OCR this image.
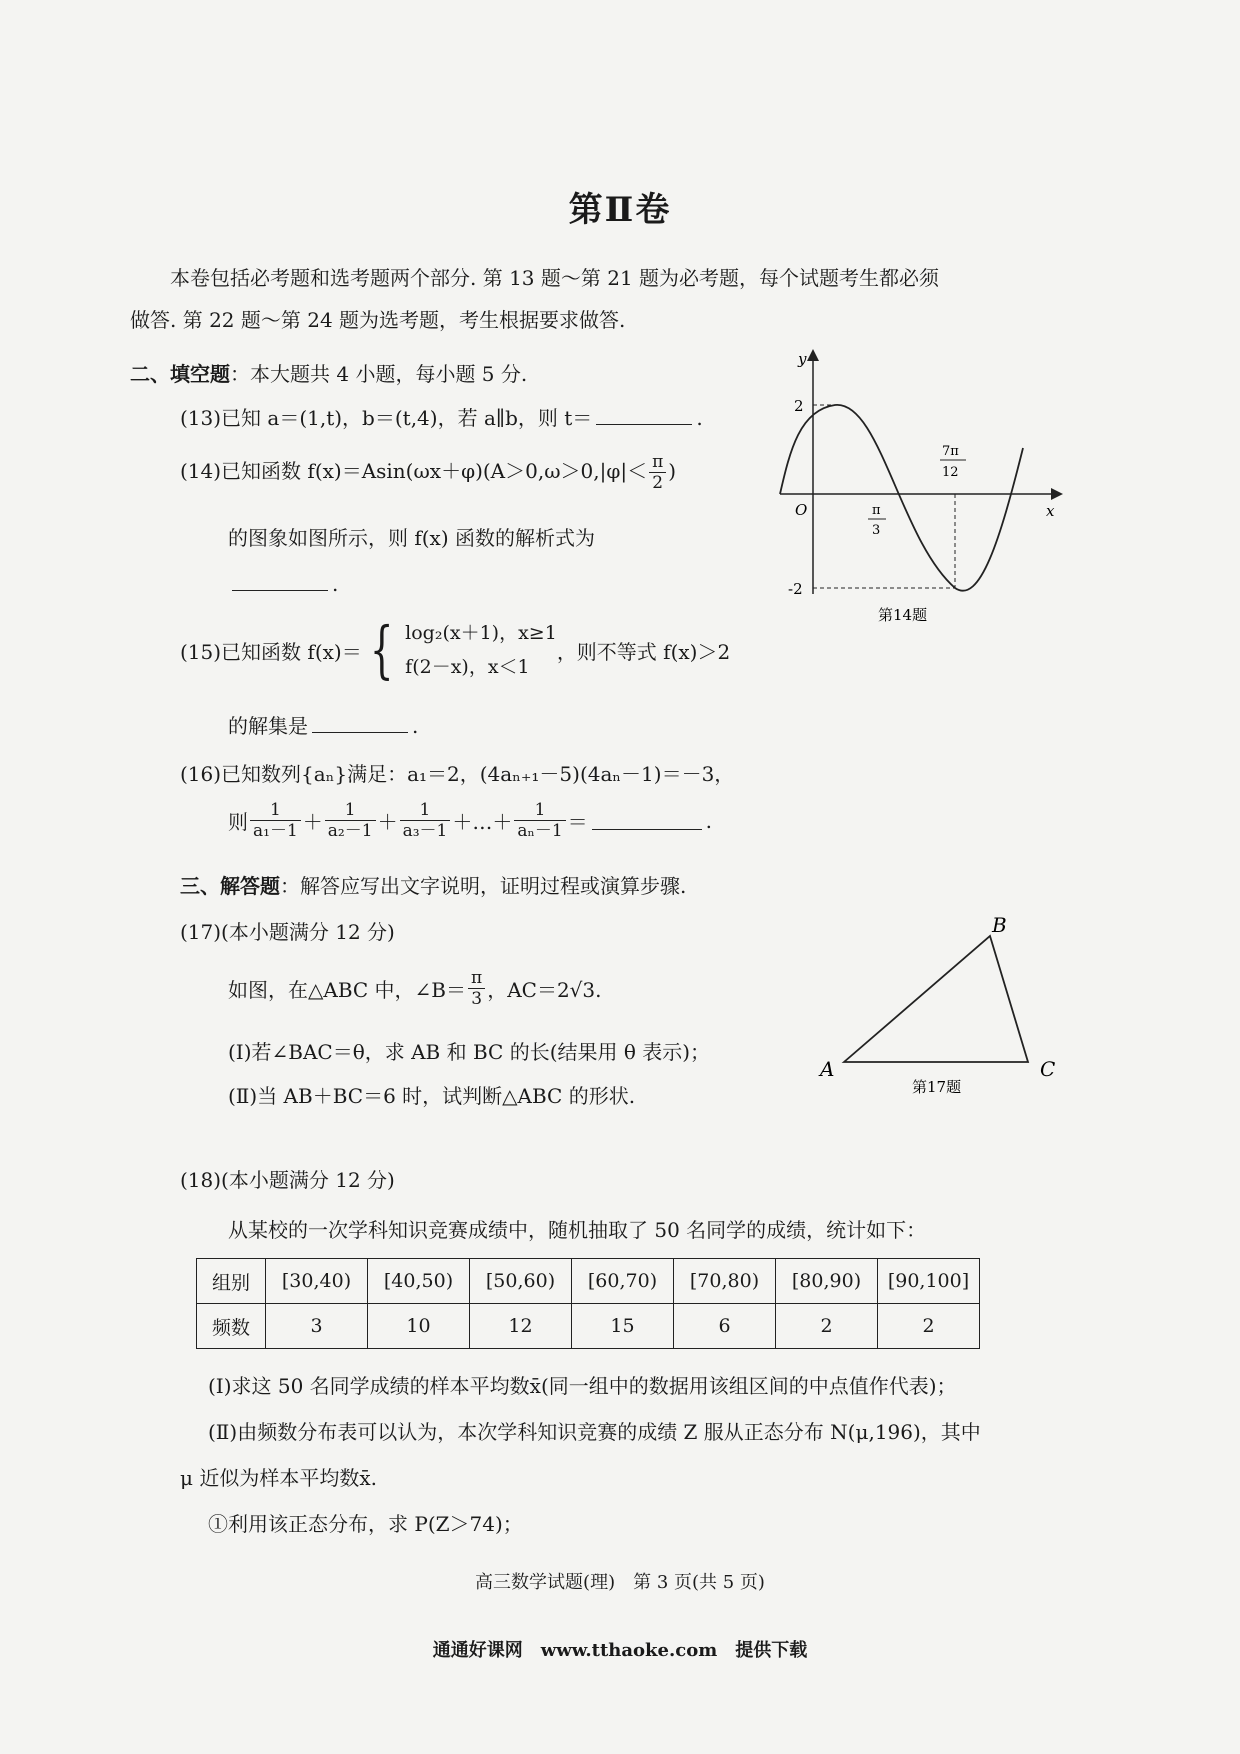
第Ⅱ卷
本卷包括必考题和选考题两个部分. 第 13 题～第 21 题为必考题，每个试题考生都必须
做答. 第 22 题～第 24 题为选考题，考生根据要求做答.
二、填空题：本大题共 4 小题，每小题 5 分.
(13)已知 a＝(1,t)，b＝(t,4)，若 a∥b，则 t＝	.
(14)已知函数 $f(x)=Asin(\omega x+\varphi)(A>0,\omega>0,|\varphi|< \frac{\pi}{2}$ )
的图象如图所示，则 f(x) 函数的解析式为
.
(15)已知函数 f(x)＝ { log₂(x＋1)，x≥1
f(2－x)，x＜1
，则不等式 f(x)＞2
的解集是	.
(16)已知数列{aₙ}满足：a₁＝2，(4aₙ₊₁－5)(4aₙ－1)＝－3，
则 $\frac{1}{\text{a₁－1}} + \frac{1}{\text{a₂－1}} + \frac{1}{\text{a₃－1}}$ ＋…＋ $\frac{1}{\text{aₙ－1}}$ ＝	.
三、解答题：解答应写出文字说明，证明过程或演算步骤.
(17)(本小题满分 12 分)
如图，在△ABC 中，∠B＝ $\frac{\pi}{3}$ ，AC＝2√3.
(Ⅰ)若∠BAC＝θ，求 AB 和 BC 的长(结果用 θ 表示)；
(Ⅱ)当 AB＋BC＝6 时，试判断△ABC 的形状.
(18)(本小题满分 12 分)
从某校的一次学科知识竞赛成绩中，随机抽取了 50 名同学的成绩，统计如下：
组别	[30,40)	[40,50)	[50,60)	[60,70)	[70,80)	[80,90)	[90,100]
频数	3	10	12	15	6	2	2
(Ⅰ)求这 50 名同学成绩的样本平均数x̄(同一组中的数据用该组区间的中点值作代表)；
(Ⅱ)由频数分布表可以认为，本次学科知识竞赛的成绩 Z 服从正态分布 N(μ,196)，其中
μ 近似为样本平均数x̄.
①利用该正态分布，求 P(Z＞74)；
高三数学试题(理)　第 3 页(共 5 页)
通通好课网　www.tthaoke.com　提供下载
y
x
O
2
-2
π
3
7π
12
第14题
A
B
C
第17题
